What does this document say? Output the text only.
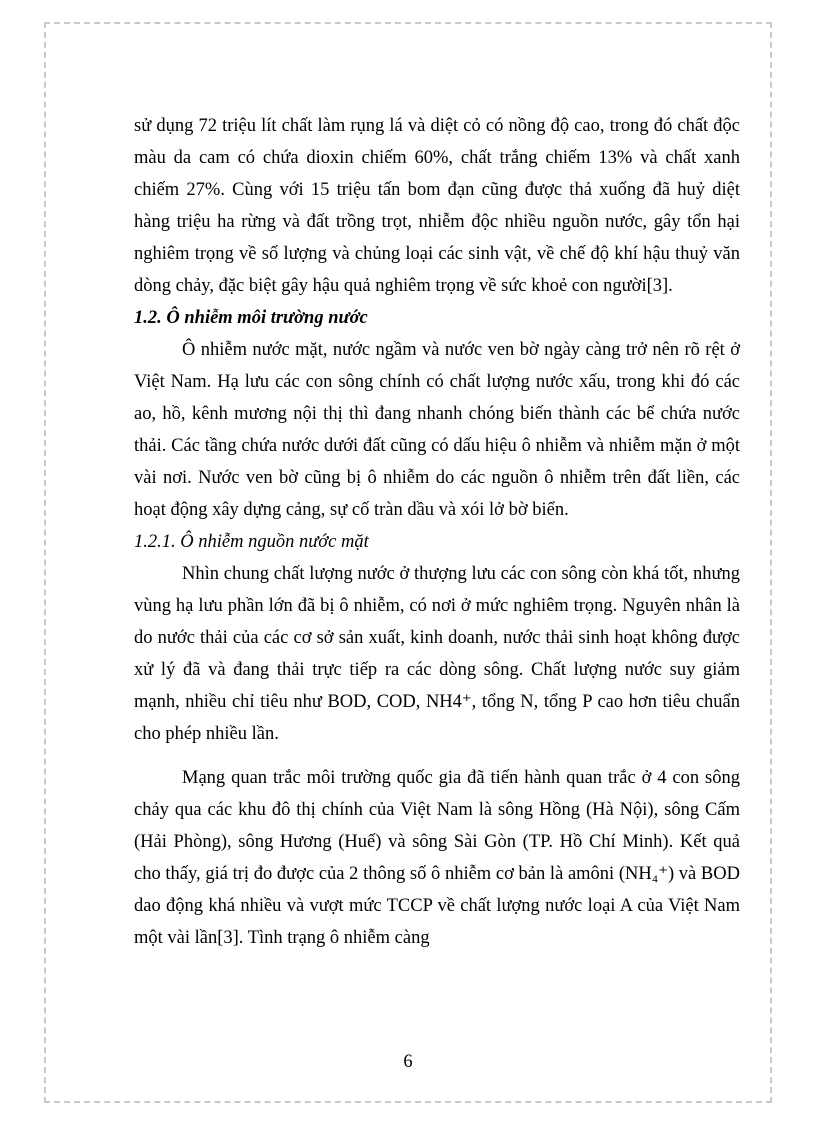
sử dụng 72 triệu lít chất làm rụng lá và diệt cỏ có nồng độ cao, trong đó chất độc màu da cam có chứa dioxin chiếm 60%, chất trắng chiếm 13% và chất xanh chiếm 27%. Cùng với 15 triệu tấn bom đạn cũng được thả xuống đã huỷ diệt hàng triệu ha rừng và đất trồng trọt, nhiễm độc nhiều nguồn nước, gây tổn hại nghiêm trọng về số lượng và chủng loại các sinh vật, về chế độ khí hậu thuỷ văn dòng chảy, đặc biệt gây hậu quả nghiêm trọng về sức khoẻ con người[3].

1.2. Ô nhiễm môi trường nước

Ô nhiễm nước mặt, nước ngầm và nước ven bờ ngày càng trở nên rõ rệt ở Việt Nam. Hạ lưu các con sông chính có chất lượng nước xấu, trong khi đó các ao, hồ, kênh mương nội thị thì đang nhanh chóng biến thành các bể chứa nước thải. Các tầng chứa nước dưới đất cũng có dấu hiệu ô nhiễm và nhiễm mặn ở một vài nơi. Nước ven bờ cũng bị ô nhiễm do các nguồn ô nhiễm trên đất liền, các hoạt động xây dựng cảng, sự cố tràn dầu và xói lở bờ biển.

1.2.1. Ô nhiễm nguồn nước mặt

Nhìn chung chất lượng nước ở thượng lưu các con sông còn khá tốt, nhưng vùng hạ lưu phần lớn đã bị ô nhiễm, có nơi ở mức nghiêm trọng. Nguyên nhân là do nước thải của các cơ sở sản xuất, kinh doanh, nước thải sinh hoạt không được xử lý đã và đang thải trực tiếp ra các dòng sông. Chất lượng nước suy giảm mạnh, nhiều chỉ tiêu như BOD, COD, NH4⁺, tổng N, tổng P cao hơn tiêu chuẩn cho phép nhiều lần.

Mạng quan trắc môi trường quốc gia đã tiến hành quan trắc ở 4 con sông chảy qua các khu đô thị chính của Việt Nam là sông Hồng (Hà Nội), sông Cấm (Hải Phòng), sông Hương (Huế) và sông Sài Gòn (TP. Hồ Chí Minh). Kết quả cho thấy, giá trị đo được của 2 thông số ô nhiễm cơ bản là amôni (NH₄⁺) và BOD dao động khá nhiều và vượt mức TCCP về chất lượng nước loại A của Việt Nam một vài lần[3]. Tình trạng ô nhiễm càng

6
